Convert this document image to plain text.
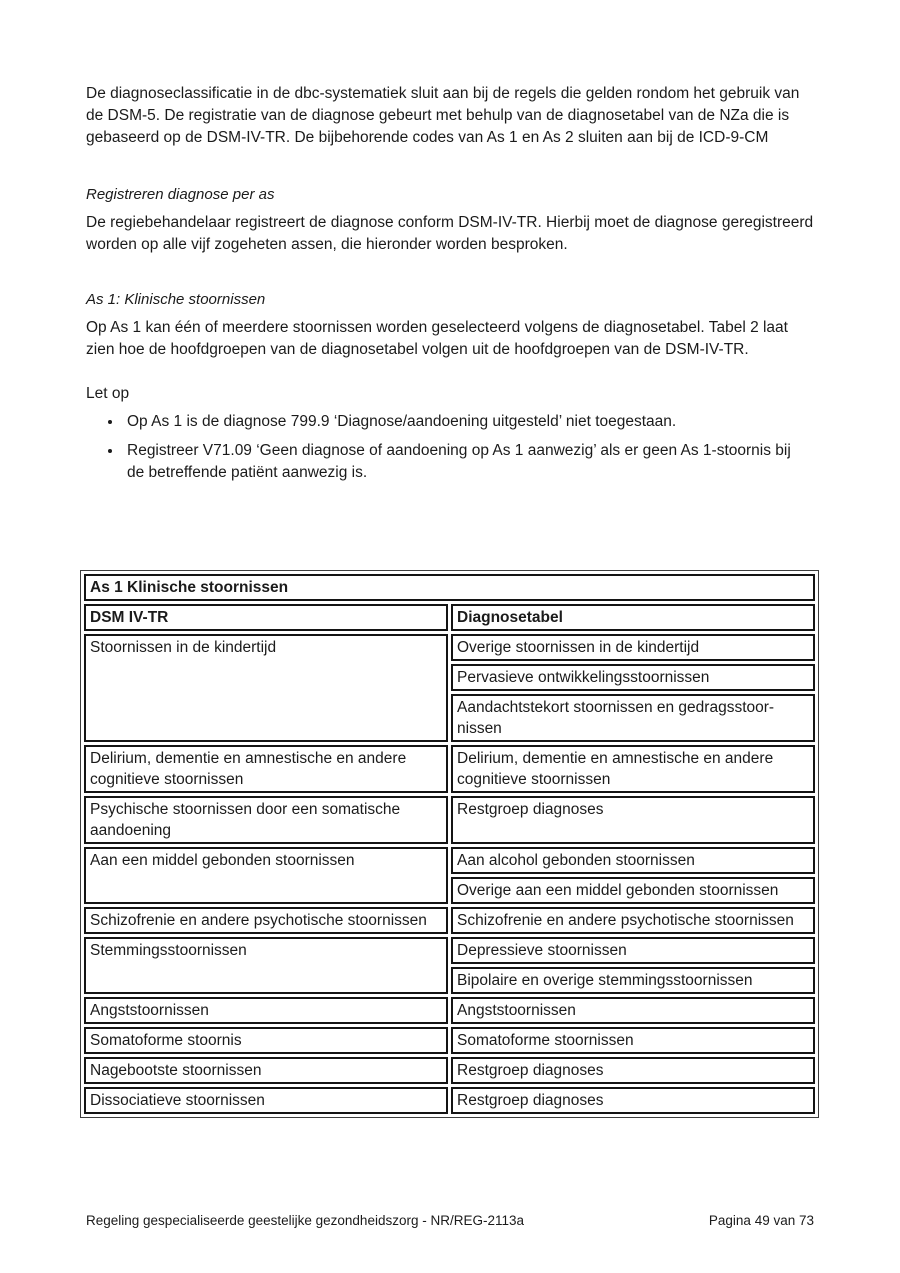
De diagnoseclassificatie in de dbc-systematiek sluit aan bij de regels die gelden rondom het gebruik van de DSM-5. De registratie van de diagnose gebeurt met behulp van de diagnosetabel van de NZa die is gebaseerd op de DSM-IV-TR. De bijbehorende codes van As 1 en As 2 sluiten aan bij de ICD-9-CM

Registreren diagnose per as

De regiebehandelaar registreert de diagnose conform DSM-IV-TR. Hierbij moet de diagnose geregistreerd worden op alle vijf zogeheten assen, die hieronder worden besproken.

As 1: Klinische stoornissen

Op As 1 kan één of meerdere stoornissen worden geselecteerd volgens de diagnosetabel. Tabel 2 laat zien hoe de hoofdgroepen van de diagnosetabel volgen uit de hoofdgroepen van de DSM-IV-TR.

Let op

Op As 1 is de diagnose 799.9 ‘Diagnose/aandoening uitgesteld’ niet toegestaan.
Registreer V71.09 ‘Geen diagnose of aandoening op As 1 aanwezig’ als er geen As 1-stoornis bij de betreffende patiënt aanwezig is.
As 1 Klinische stoornissen	
DSM IV-TR	Diagnosetabel
Stoornissen in de kindertijd	Overige stoornissen in de kindertijd
	Pervasieve ontwikkelingsstoornissen
	Aandachtstekort stoornissen en gedragsstoornissen
Delirium, dementie en amnestische en andere cognitieve stoornissen	Delirium, dementie en amnestische en andere cognitieve stoornissen
Psychische stoornissen door een somatische aandoening	Restgroep diagnoses
Aan een middel gebonden stoornissen	Aan alcohol gebonden stoornissen
	Overige aan een middel gebonden stoornissen
Schizofrenie en andere psychotische stoornissen	Schizofrenie en andere psychotische stoornissen
Stemmingsstoornissen	Depressieve stoornissen
	Bipolaire en overige stemmingsstoornissen
Angststoornissen	Angststoornissen
Somatoforme stoornis	Somatoforme stoornissen
Nagebootste stoornissen	Restgroep diagnoses
Dissociatieve stoornissen	Restgroep diagnoses
Regeling gespecialiseerde geestelijke gezondheidszorg - NR/REG-2113a	Pagina 49 van 73
